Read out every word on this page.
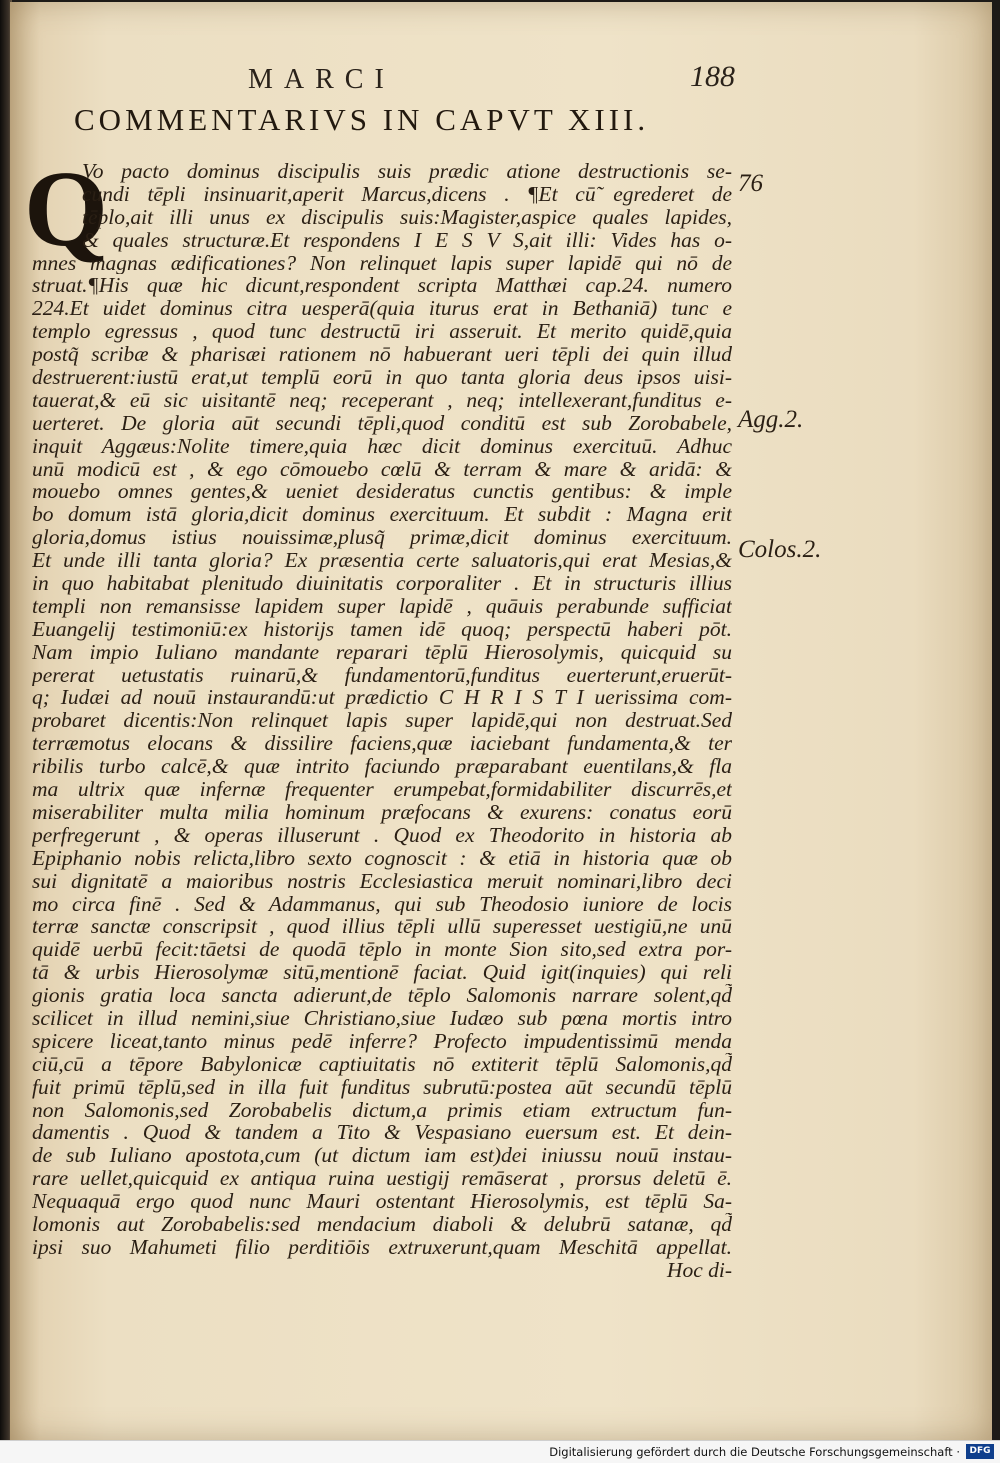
MARCI	188
COMMENTARIVS IN CAPVT XIII.
Q
Vo pacto dominus discipulis suis prædic atione destructionis se-
cundi tēpli insinuarit,aperit Marcus,dicens . ¶Et cū̃ egrederet de
tēplo,ait illi unus ex discipulis suis:Magister,aspice quales lapides,
& quales structuræ.Et respondens I E S V S,ait illi: Vides has o-
mnes magnas ædificationes? Non relinquet lapis super lapidē qui nō de
struat.¶His quæ hic dicunt,respondent scripta Matthæi cap.24. numero
224.Et uidet dominus citra uesperā(quia iturus erat in Bethaniā) tunc e
templo egressus , quod tunc destructū iri asseruit. Et merito quidē,quia
postq̃ scribæ & pharisæi rationem nō habuerant ueri tēpli dei quin illud
destruerent:iustū erat,ut templū eorū in quo tanta gloria deus ipsos uisi-
tauerat,& eū sic uisitantē neq; receperant , neq; intellexerant,funditus e-
uerteret. De gloria aūt secundi tēpli,quod conditū est sub Zorobabele,
inquit Aggæus:Nolite timere,quia hæc dicit dominus exercituū. Adhuc
unū modicū est , & ego cōmouebo cœlū & terram & mare & aridā: &
mouebo omnes gentes,& ueniet desideratus cunctis gentibus: & imple
bo domum istā gloria,dicit dominus exercituum. Et subdit : Magna erit
gloria,domus istius nouissimæ,plusq̃ primæ,dicit dominus exercituum.
Et unde illi tanta gloria? Ex præsentia certe saluatoris,qui erat Mesias,&
in quo habitabat plenitudo diuinitatis corporaliter . Et in structuris illius
templi non remansisse lapidem super lapidē , quāuis perabunde sufficiat
Euangelij testimoniū:ex historijs tamen idē quoq; perspectū haberi pōt.
Nam impio Iuliano mandante reparari tēplū Hierosolymis, quicquid su
pererat uetustatis ruinarū,& fundamentorū,funditus euerterunt,eruerūt-
q; Iudæi ad nouū instaurandū:ut prædictio C H R I S T I uerissima com-
probaret dicentis:Non relinquet lapis super lapidē,qui non destruat.Sed
terræmotus elocans & dissilire faciens,quæ iaciebant fundamenta,& ter
ribilis turbo calcē,& quæ intrito faciundo præparabant euentilans,& fla
ma ultrix quæ infernæ frequenter erumpebat,formidabiliter discurrēs,et
miserabiliter multa milia hominum præfocans & exurens: conatus eorū
perfregerunt , & operas illuserunt . Quod ex Theodorito in historia ab
Epiphanio nobis relicta,libro sexto cognoscit : & etiā in historia quæ ob
sui dignitatē a maioribus nostris Ecclesiastica meruit nominari,libro deci
mo circa finē . Sed & Adammanus, qui sub Theodosio iuniore de locis
terræ sanctæ conscripsit , quod illius tēpli ullū superesset uestigiū,ne unū
quidē uerbū fecit:tāetsi de quodā tēplo in monte Sion sito,sed extra por-
tā & urbis Hierosolymæ sitū,mentionē faciat. Quid igit(inquies) qui reli
gionis gratia loca sancta adierunt,de tēplo Salomonis narrare solent,qd̃
scilicet in illud nemini,siue Christiano,siue Iudæo sub pœna mortis intro
spicere liceat,tanto minus pedē inferre? Profecto impudentissimū menda
ciū,cū a tēpore Babylonicæ captiuitatis nō extiterit tēplū Salomonis,qd̃
fuit primū tēplū,sed in illa fuit funditus subrutū:postea aūt secundū tēplū
non Salomonis,sed Zorobabelis dictum,a primis etiam extructum fun-
damentis . Quod & tandem a Tito & Vespasiano euersum est. Et dein-
de sub Iuliano apostota,cum (ut dictum iam est)dei iniussu nouū instau-
rare uellet,quicquid ex antiqua ruina uestigij remāserat , prorsus deletū ē.
Nequaquā ergo quod nunc Mauri ostentant Hierosolymis, est tēplū Sa-
lomonis aut Zorobabelis:sed mendacium diaboli & delubrū satanæ, qd̃
ipsi suo Mahumeti filio perditiōis extruxerunt,quam Meschitā appellat.
Hoc di-
76
Agg.2.
Colos.2.
Digitalisierung gefördert durch die Deutsche Forschungsgemeinschaft ·	DFG
